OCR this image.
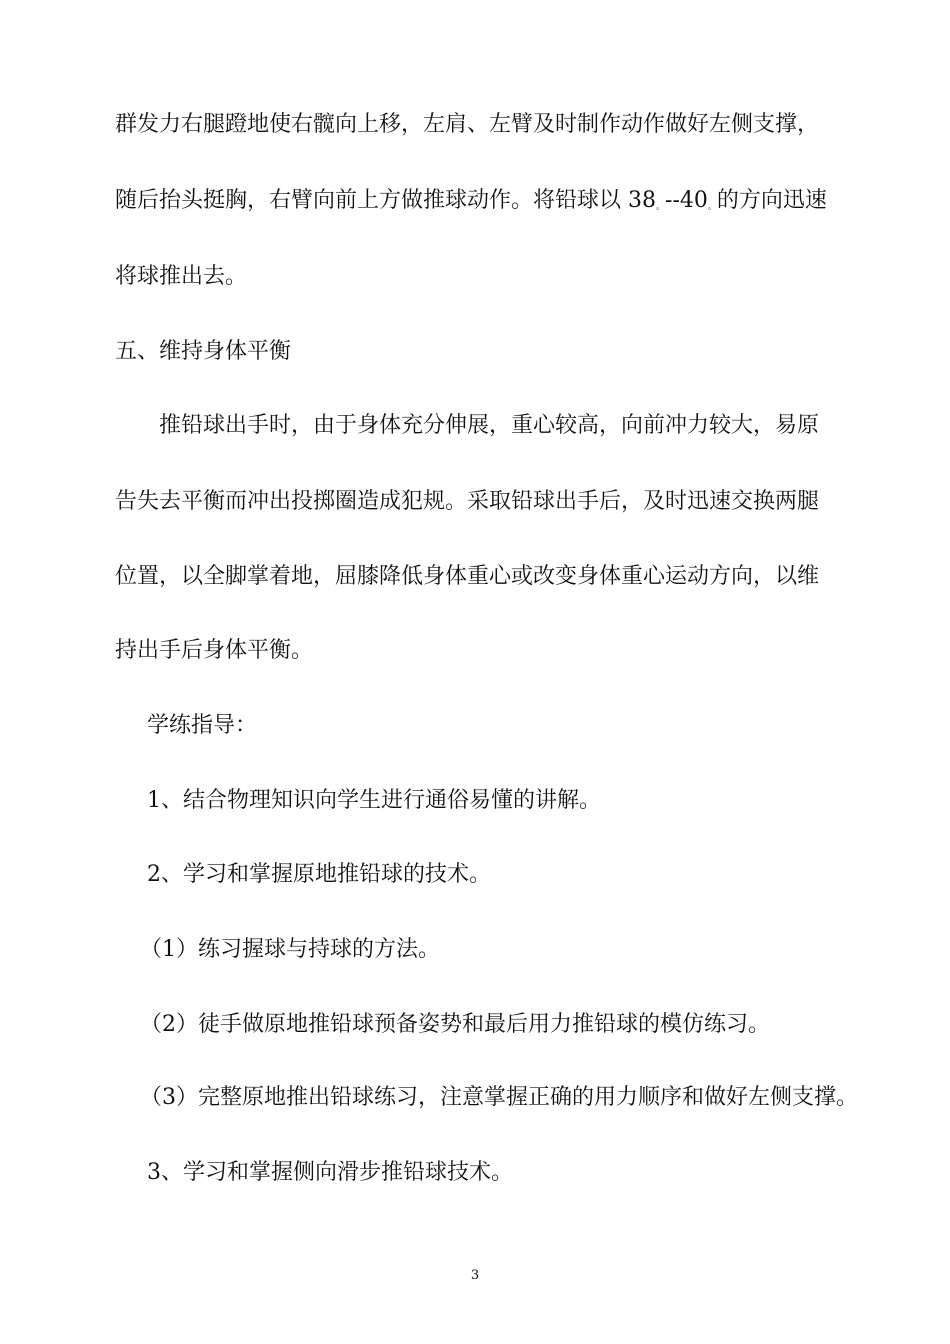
群发力右腿蹬地使右髋向上移，左肩、左臂及时制作动作做好左侧支撑，
随后抬头挺胸，右臂向前上方做推球动作。将铅球以 $38_。--40_。$的方向迅速
将球推出去。
五、维持身体平衡
推铅球出手时，由于身体充分伸展，重心较高，向前冲力较大，易原
告失去平衡而冲出投掷圈造成犯规。采取铅球出手后，及时迅速交换两腿
位置，以全脚掌着地，屈膝降低身体重心或改变身体重心运动方向，以维
持出手后身体平衡。
学练指导：
1、结合物理知识向学生进行通俗易懂的讲解。
2、学习和掌握原地推铅球的技术。
（1）练习握球与持球的方法。
（2）徒手做原地推铅球预备姿势和最后用力推铅球的模仿练习。
（3）完整原地推出铅球练习，注意掌握正确的用力顺序和做好左侧支撑。
3、学习和掌握侧向滑步推铅球技术。
3
